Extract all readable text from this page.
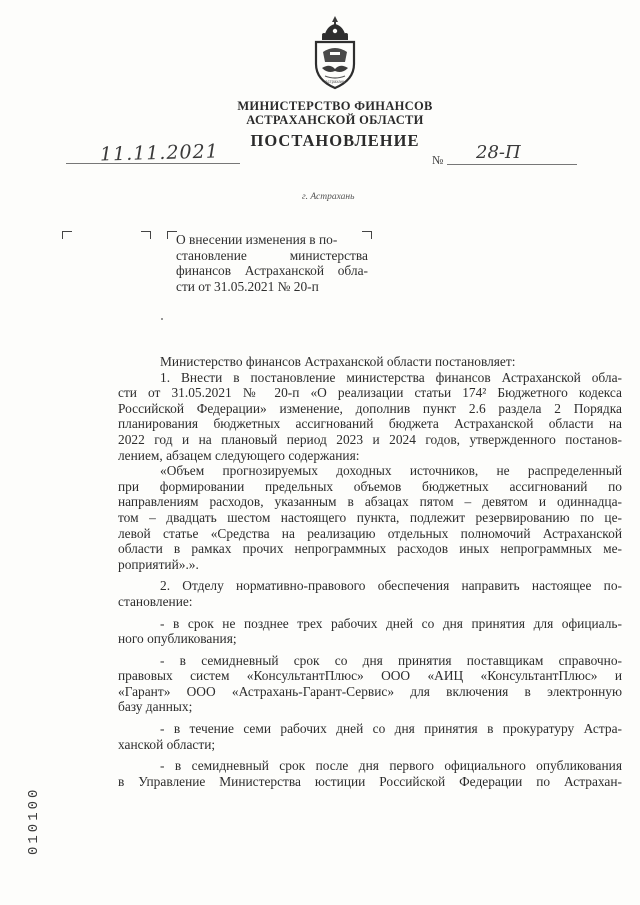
Астрахань
МИНИСТЕРСТВО ФИНАНСОВ
АСТРАХАНСКОЙ ОБЛАСТИ
ПОСТАНОВЛЕНИЕ
11.11.2021	№ 28-П
г. Астрахань
О внесении изменения в по-
становление министерства
финансов Астраханской обла-
сти от 31.05.2021 № 20-п
Министерство финансов Астраханской области постановляет:
1. Внести в постановление министерства финансов Астраханской обла-
сти от 31.05.2021 № 20-п «О реализации статьи 174² Бюджетного кодекса
Российской Федерации» изменение, дополнив пункт 2.6 раздела 2 Порядка
планирования бюджетных ассигнований бюджета Астраханской области на
2022 год и на плановый период 2023 и 2024 годов, утвержденного постанов-
лением, абзацем следующего содержания:
«Объем прогнозируемых доходных источников, не распределенный
при формировании предельных объемов бюджетных ассигнований по
направлениям расходов, указанным в абзацах пятом – девятом и одиннадца-
том – двадцать шестом настоящего пункта, подлежит резервированию по це-
левой статье «Средства на реализацию отдельных полномочий Астраханской
области в рамках прочих непрограммных расходов иных непрограммных ме-
роприятий».».
2. Отделу нормативно-правового обеспечения направить настоящее по-
становление:
- в срок не позднее трех рабочих дней со дня принятия для официаль-
ного опубликования;
- в семидневный срок со дня принятия поставщикам справочно-
правовых систем «КонсультантПлюс» ООО «АИЦ «КонсультантПлюс» и
«Гарант» ООО «Астрахань-Гарант-Сервис» для включения в электронную
базу данных;
- в течение семи рабочих дней со дня принятия в прокуратуру Астра-
ханской области;
- в семидневный срок после дня первого официального опубликования
в Управление Министерства юстиции Российской Федерации по Астрахан-
010100
